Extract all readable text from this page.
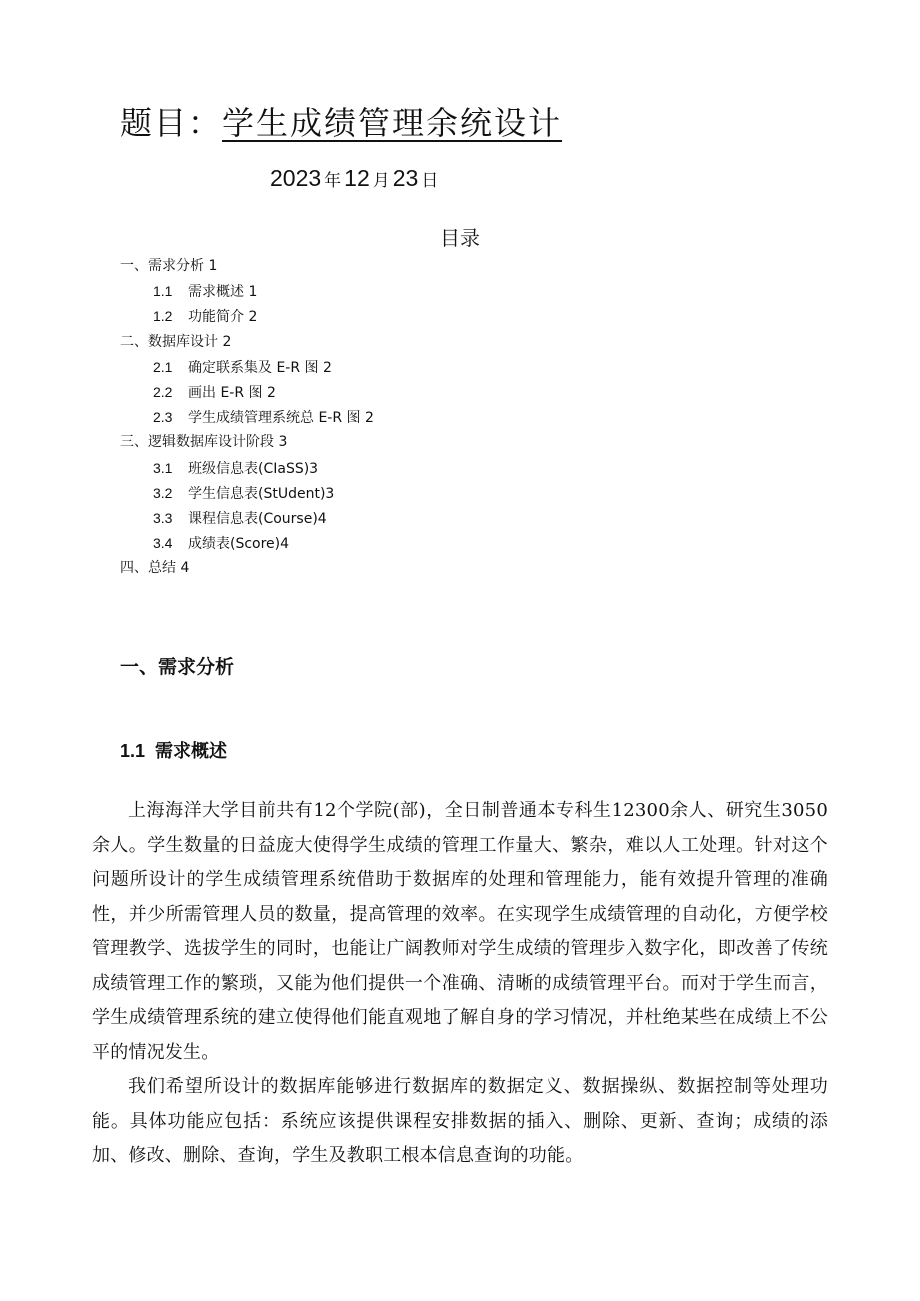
题目：学生成绩管理余统设计
2023 年 12 月 23 日
目录
一、需求分析 1
1.1 需求概述 1
1.2 功能简介 2
二、数据库设计 2
2.1 确定联系集及 E-R 图 2
2.2 画出 E-R 图 2
2.3 学生成绩管理系统总 E-R 图 2
三、逻辑数据库设计阶段 3
3.1 班级信息表(CIaSS)3
3.2 学生信息表(StUdent)3
3.3 课程信息表(Course)4
3.4 成绩表(Score)4
四、总结 4
一、需求分析
1.1 需求概述

上海海洋大学目前共有12个学院(部)，全日制普通本专科生12300余人、研究生3050余人。学生数量的日益庞大使得学生成绩的管理工作量大、繁杂，难以人工处理。针对这个问题所设计的学生成绩管理系统借助于数据库的处理和管理能力，能有效提升管理的准确性，并少所需管理人员的数量，提高管理的效率。在实现学生成绩管理的自动化，方便学校管理教学、选拔学生的同时，也能让广阔教师对学生成绩的管理步入数字化，即改善了传统成绩管理工作的繁琐，又能为他们提供一个准确、清晰的成绩管理平台。而对于学生而言，学生成绩管理系统的建立使得他们能直观地了解自身的学习情况，并杜绝某些在成绩上不公平的情况发生。

我们希望所设计的数据库能够进行数据库的数据定义、数据操纵、数据控制等处理功能。具体功能应包括：系统应该提供课程安排数据的插入、删除、更新、查询；成绩的添加、修改、删除、查询，学生及教职工根本信息查询的功能。
